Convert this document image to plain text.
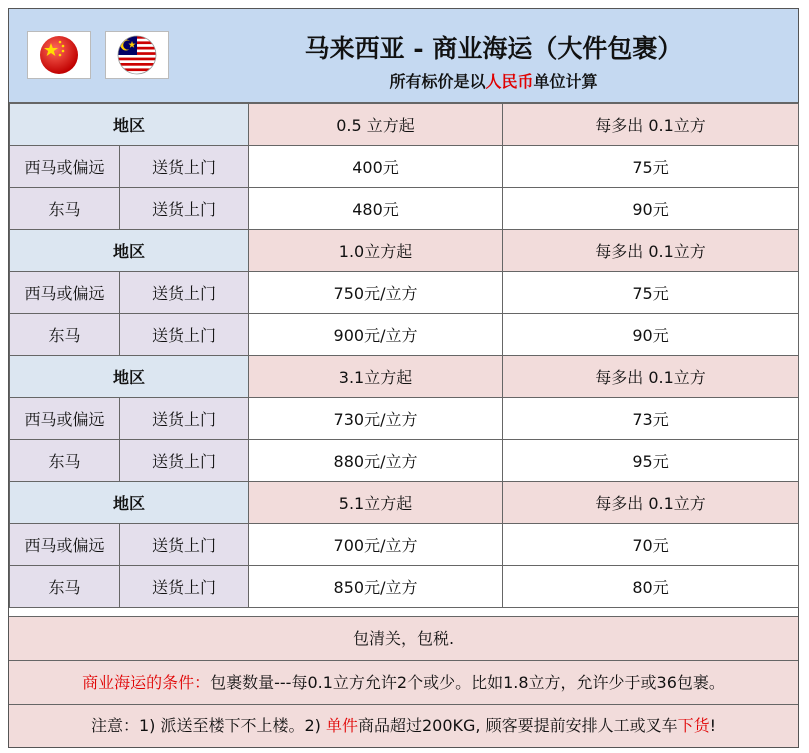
马来西亚 - 商业海运（大件包裹）
所有标价是以人民币单位计算
地区		0.5 立方起	每多出 0.1立方
西马或偏远	送货上门	400元	75元
东马	送货上门	480元	90元
地区		1.0立方起	每多出 0.1立方
西马或偏远	送货上门	750元/立方	75元
东马	送货上门	900元/立方	90元
地区		3.1立方起	每多出 0.1立方
西马或偏远	送货上门	730元/立方	73元
东马	送货上门	880元/立方	95元
地区		5.1立方起	每多出 0.1立方
西马或偏远	送货上门	700元/立方	70元
东马	送货上门	850元/立方	80元
包清关，包税.
商业海运的条件：包裹数量---每0.1立方允许2个或少。比如1.8立方，允许少于或36包裹。
注意：1) 派送至楼下不上楼。2) 单件商品超过200KG, 顾客要提前安排人工或叉车下货!
